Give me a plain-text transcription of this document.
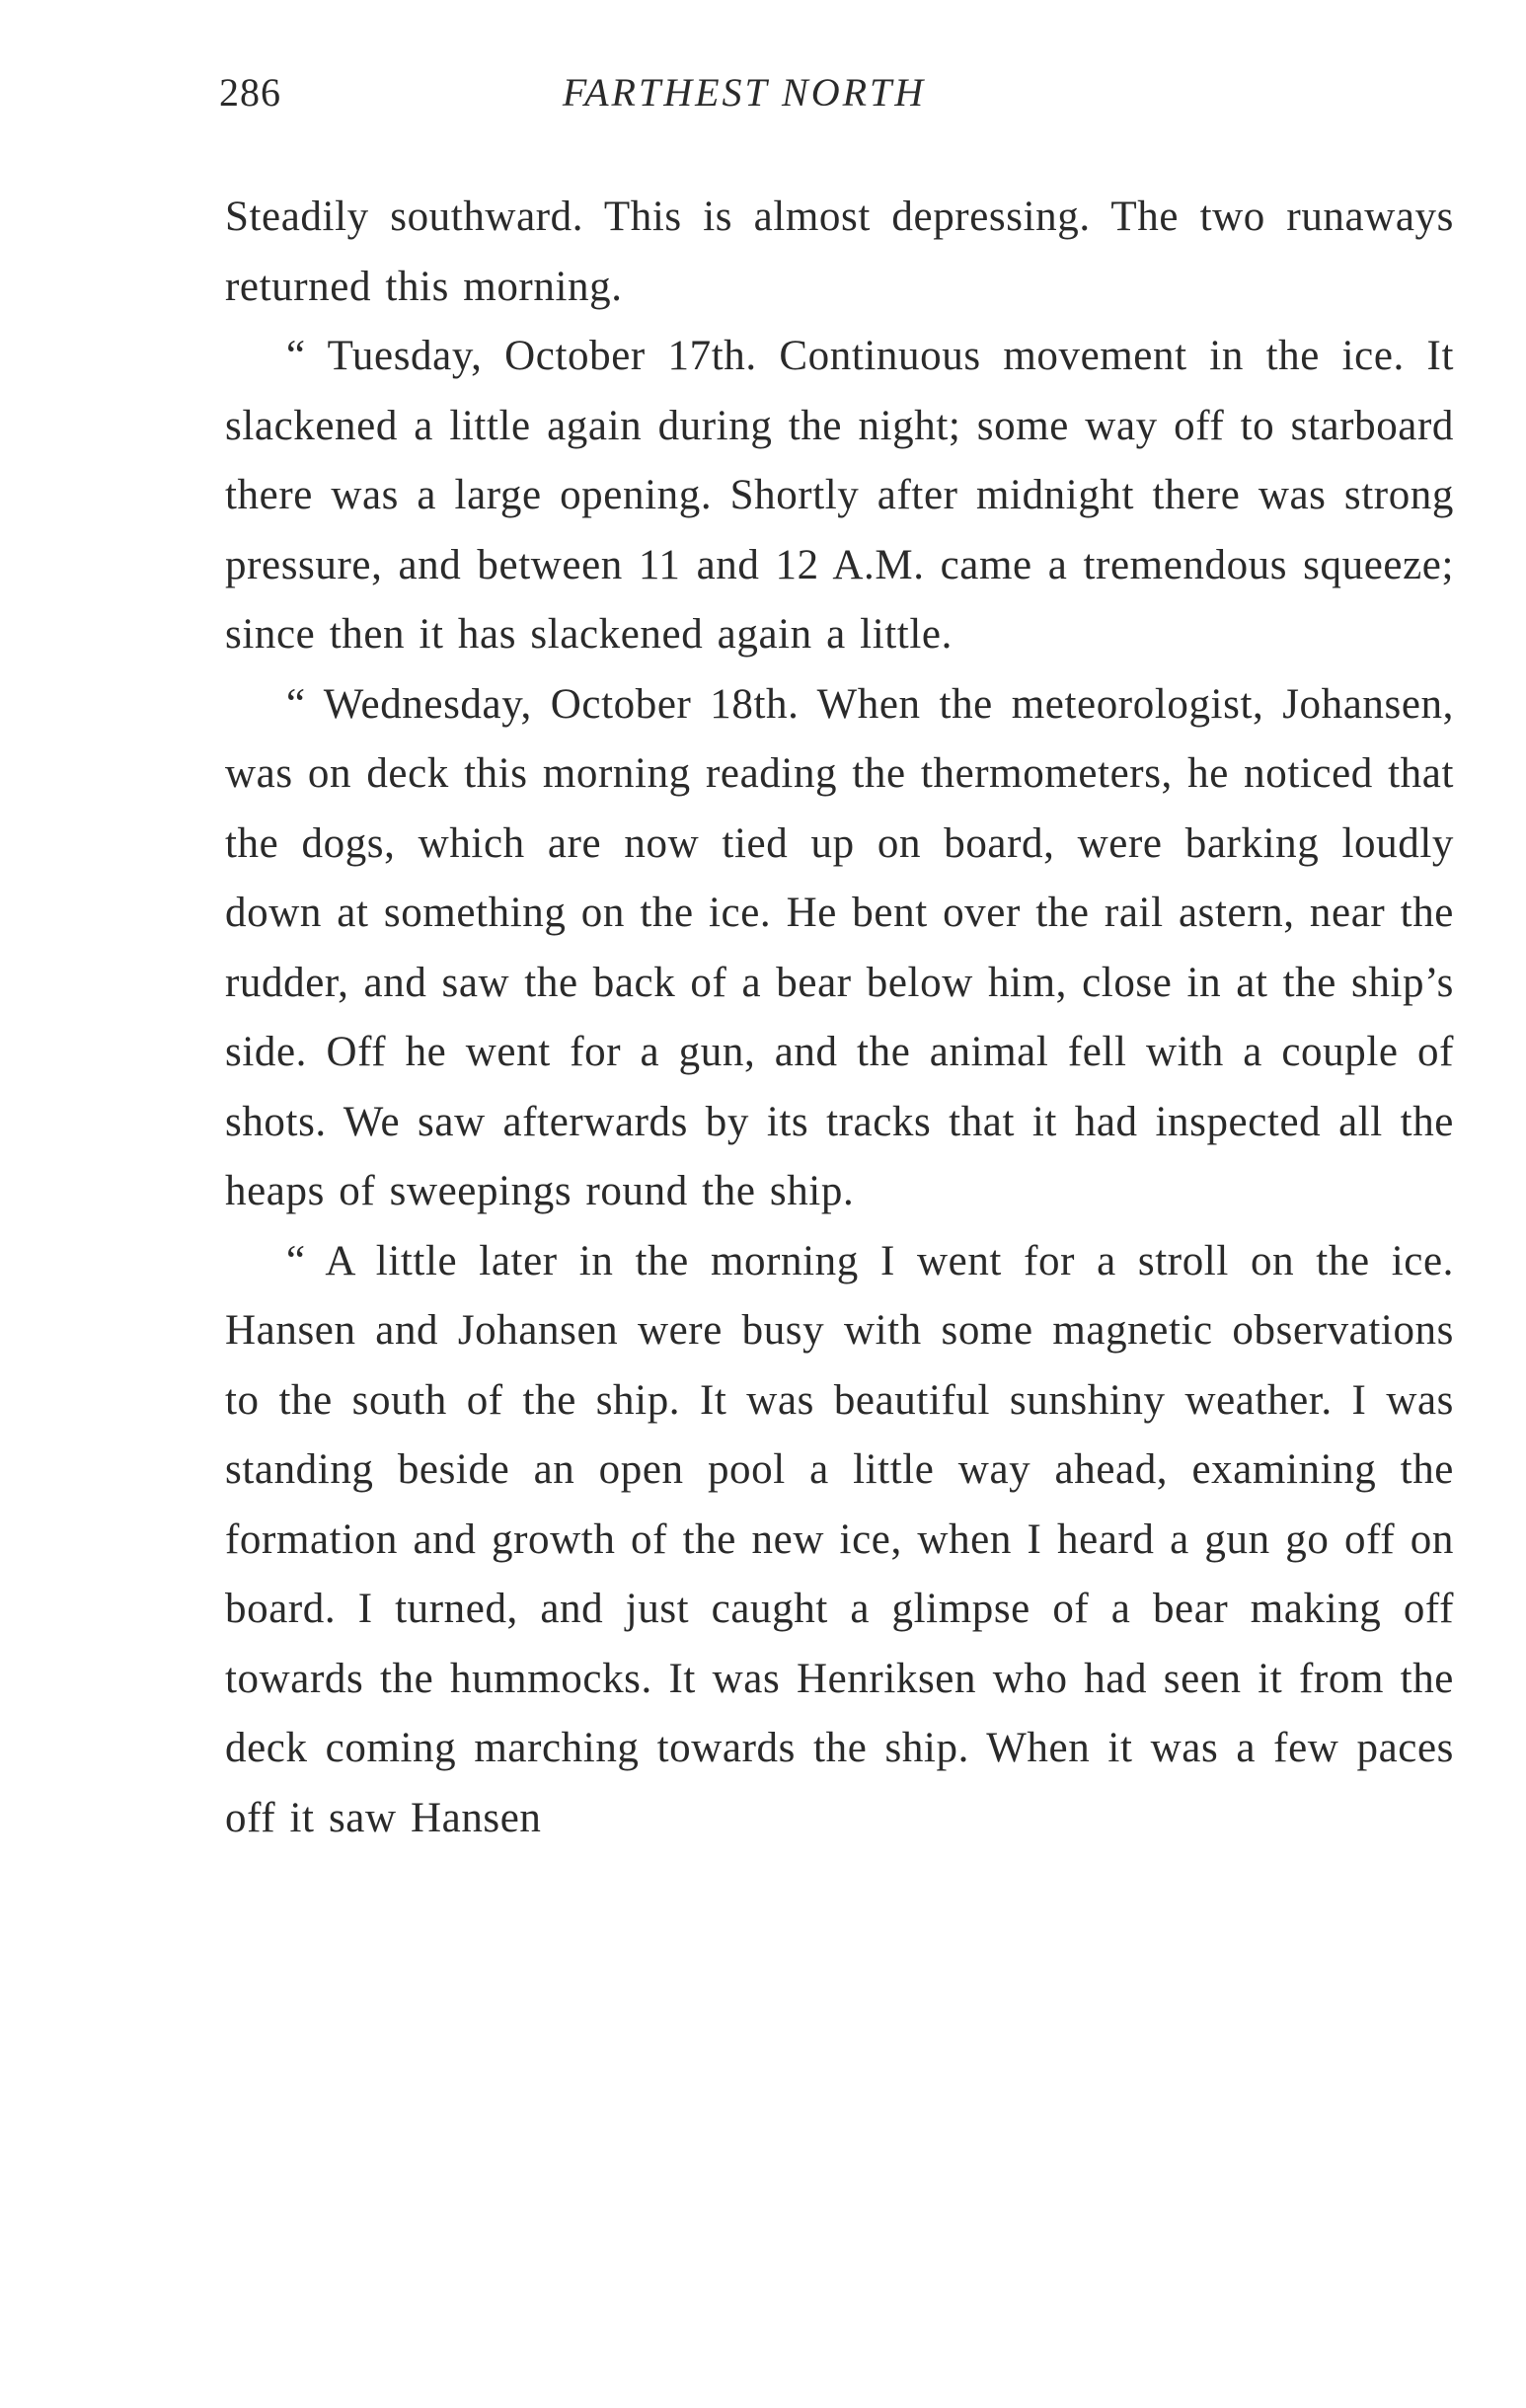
286	FARTHEST NORTH

Steadily southward. This is almost depressing. The two runaways returned this morning.

“ Tuesday, October 17th. Continuous movement in the ice. It slackened a little again during the night; some way off to starboard there was a large opening. Shortly after midnight there was strong pressure, and between 11 and 12 A.M. came a tremendous squeeze; since then it has slackened again a little.

“ Wednesday, October 18th. When the meteorologist, Johansen, was on deck this morning reading the thermometers, he noticed that the dogs, which are now tied up on board, were barking loudly down at something on the ice. He bent over the rail astern, near the rudder, and saw the back of a bear below him, close in at the ship’s side. Off he went for a gun, and the animal fell with a couple of shots. We saw afterwards by its tracks that it had inspected all the heaps of sweepings round the ship.

“ A little later in the morning I went for a stroll on the ice. Hansen and Johansen were busy with some magnetic observations to the south of the ship. It was beautiful sunshiny weather. I was standing beside an open pool a little way ahead, examining the formation and growth of the new ice, when I heard a gun go off on board. I turned, and just caught a glimpse of a bear making off towards the hummocks. It was Henriksen who had seen it from the deck coming marching towards the ship. When it was a few paces off it saw Hansen
